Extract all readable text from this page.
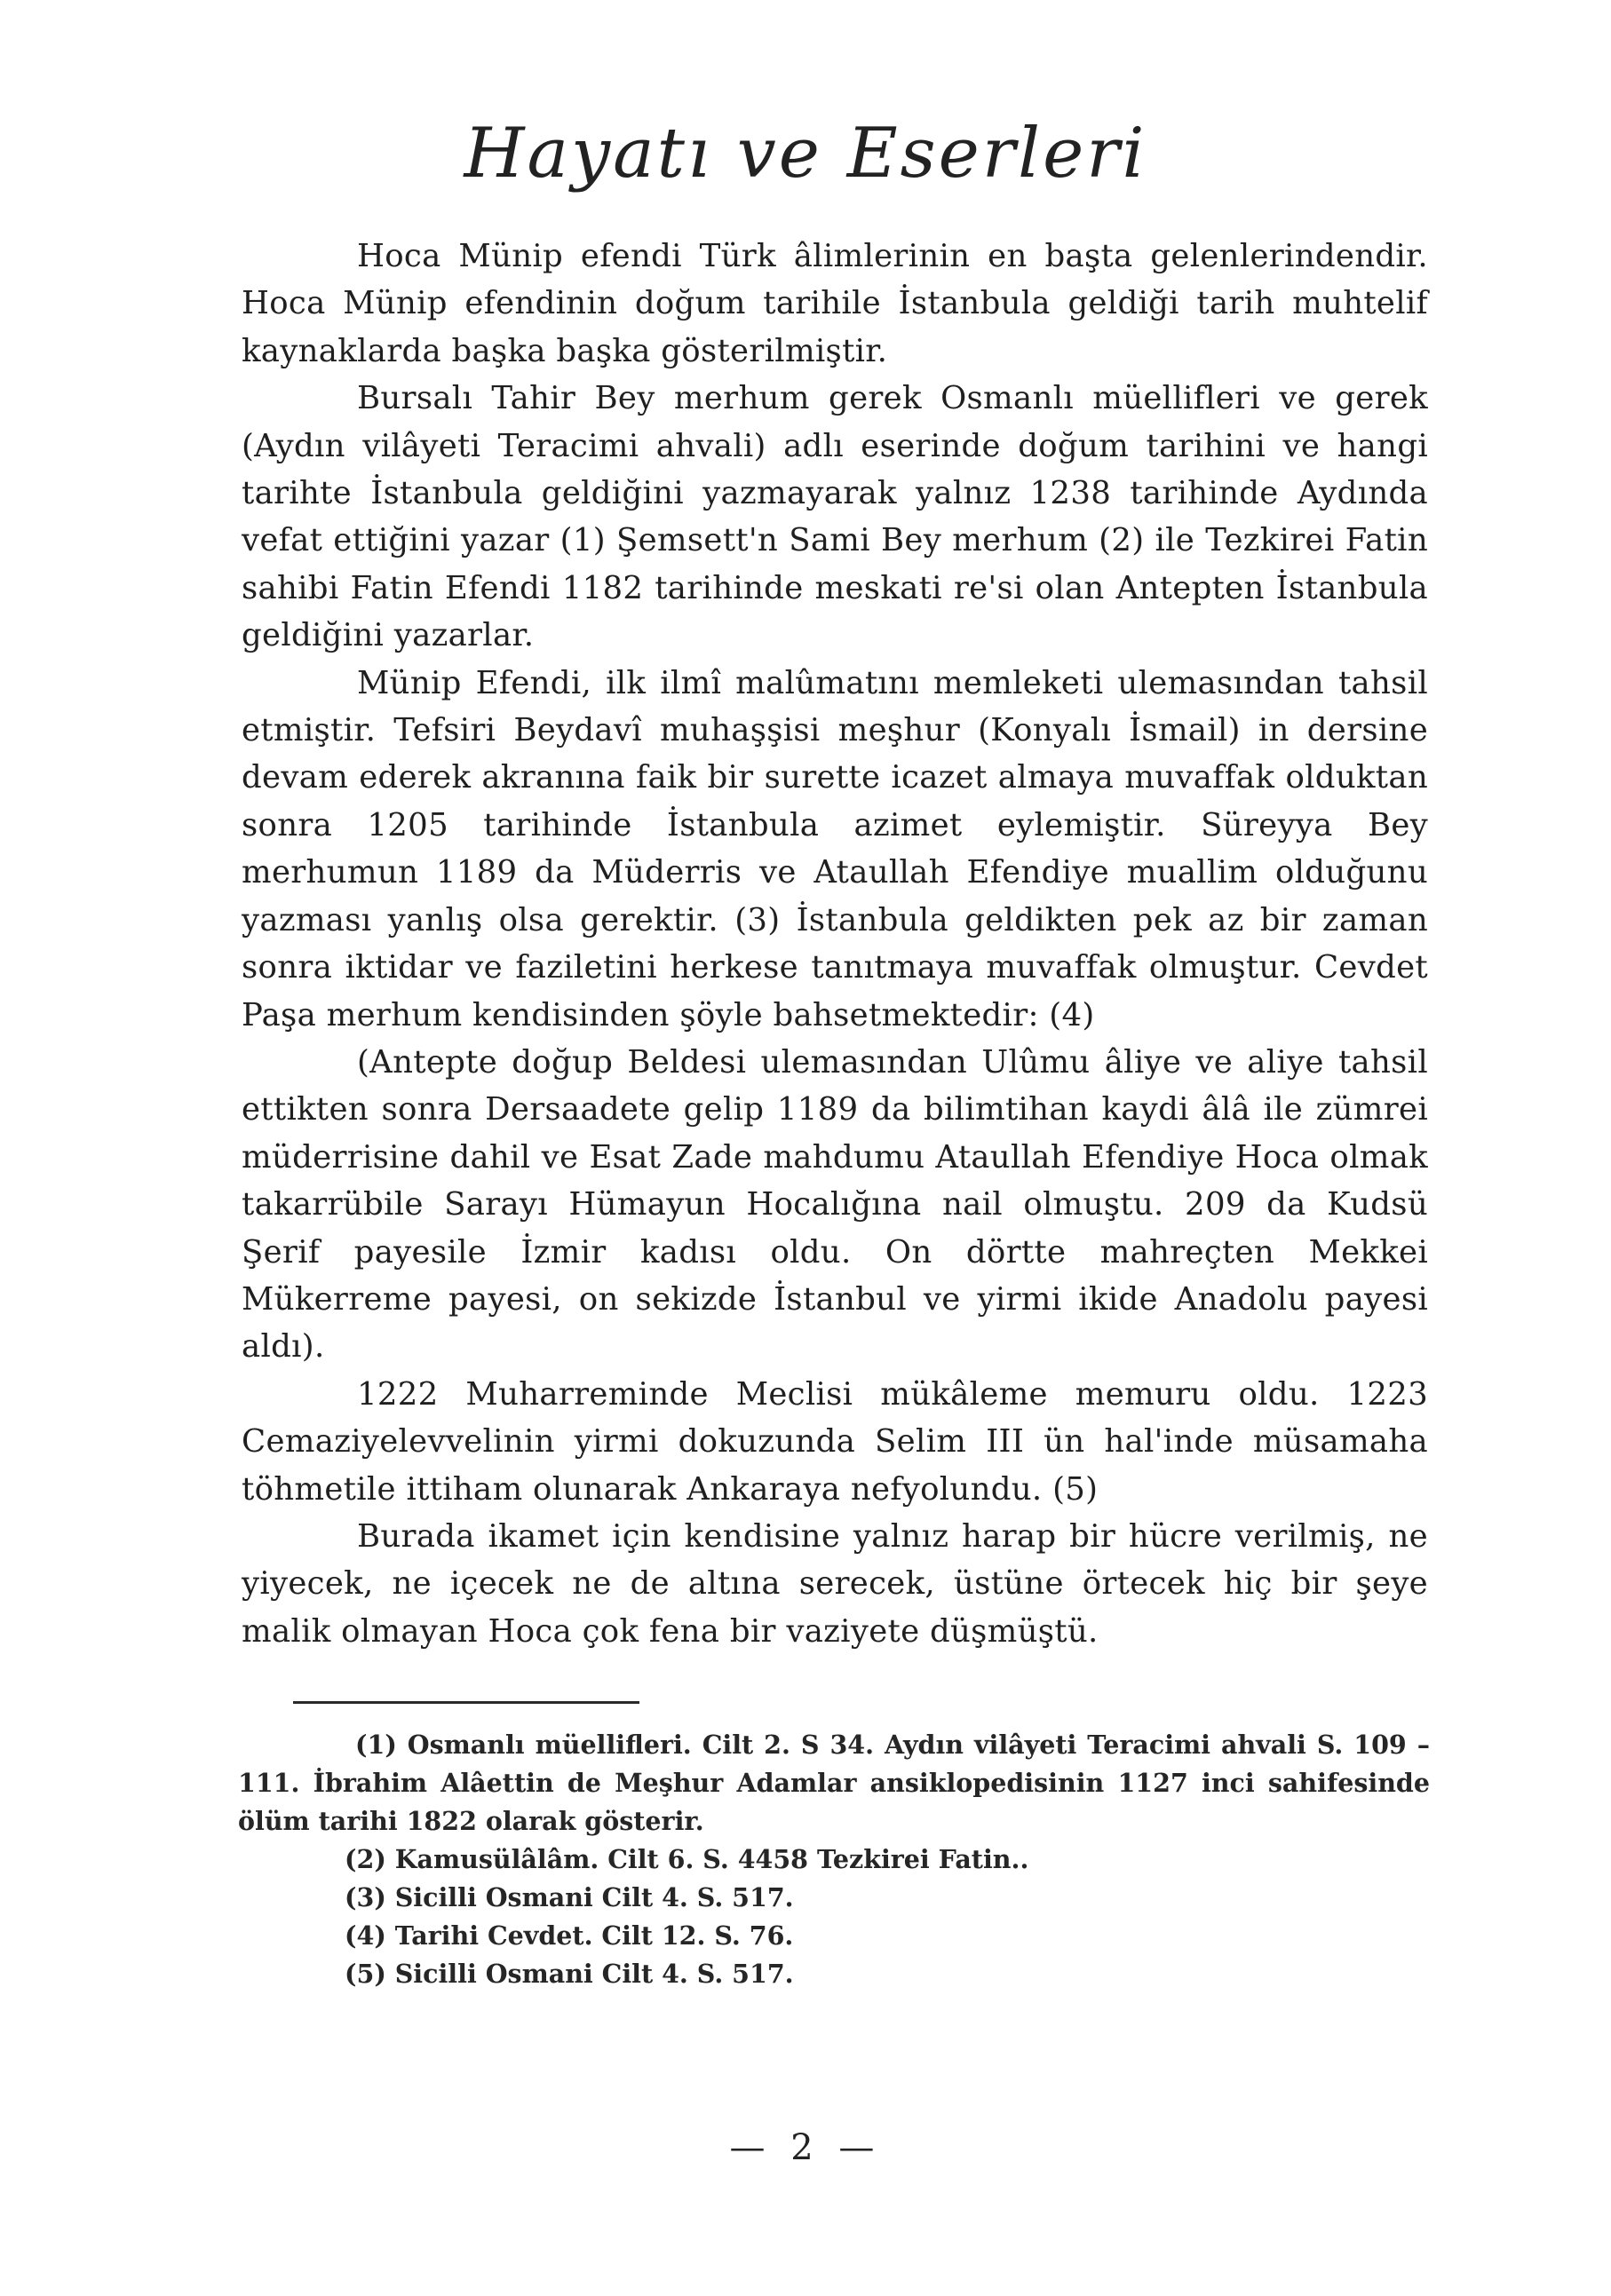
Hayatı ve Eserleri

Hoca Münip efendi Türk âlimlerinin en başta gelenlerindendir. Hoca Münip efendinin doğum tarihile İstanbula geldiği tarih muhtelif kaynaklarda başka başka gösterilmiştir.

Bursalı Tahir Bey merhum gerek Osmanlı müellifleri ve gerek (Aydın vilâyeti Teracimi ahvali) adlı eserinde doğum tarihini ve hangi tarihte İstanbula geldiğini yazmayarak yalnız 1238 tarihinde Aydında vefat ettiğini yazar (1) Şemsett'n Sami Bey merhum (2) ile Tezkirei Fatin sahibi Fatin Efendi 1182 tarihinde meskati re'si olan Antepten İstanbula geldiğini yazarlar.

Münip Efendi, ilk ilmî malûmatını memleketi ulemasından tahsil etmiştir. Tefsiri Beydavî muhaşşisi meşhur (Konyalı İsmail) in dersine devam ederek akranına faik bir surette icazet almaya muvaffak olduktan sonra 1205 tarihinde İstanbula azimet eylemiştir. Süreyya Bey merhumun 1189 da Müderris ve Ataullah Efendiye muallim olduğunu yazması yanlış olsa gerektir. (3) İstanbula geldikten pek az bir zaman sonra iktidar ve faziletini herkese tanıtmaya muvaffak olmuştur. Cevdet Paşa merhum kendisinden şöyle bahsetmektedir: (4)

(Antepte doğup Beldesi ulemasından Ulûmu âliye ve aliye tahsil ettikten sonra Dersaadete gelip 1189 da bilimtihan kaydi âlâ ile zümrei müderrisine dahil ve Esat Zade mahdumu Ataullah Efendiye Hoca olmak takarrübile Sarayı Hümayun Hocalığına nail olmuştu. 209 da Kudsü Şerif payesile İzmir kadısı oldu. On dörtte mahreçten Mekkei Mükerreme payesi, on sekizde İstanbul ve yirmi ikide Anadolu payesi aldı).

1222 Muharreminde Meclisi mükâleme memuru oldu. 1223 Cemaziyelevvelinin yirmi dokuzunda Selim III ün hal'inde müsamaha töhmetile ittiham olunarak Ankaraya nefyolundu. (5)

Burada ikamet için kendisine yalnız harap bir hücre verilmiş, ne yiyecek, ne içecek ne de altına serecek, üstüne örtecek hiç bir şeye malik olmayan Hoca çok fena bir vaziyete düşmüştü.

(1) Osmanlı müellifleri. Cilt 2. S 34. Aydın vilâyeti Teracimi ahvali S. 109 – 111. İbrahim Alâettin de Meşhur Adamlar ansiklopedisinin 1127 inci sahifesinde ölüm tarihi 1822 olarak gösterir.

(2) Kamusülâlâm. Cilt 6. S. 4458 Tezkirei Fatin..

(3) Sicilli Osmani Cilt 4. S. 517.

(4) Tarihi Cevdet. Cilt 12. S. 76.

(5) Sicilli Osmani Cilt 4. S. 517.

— 2 —
